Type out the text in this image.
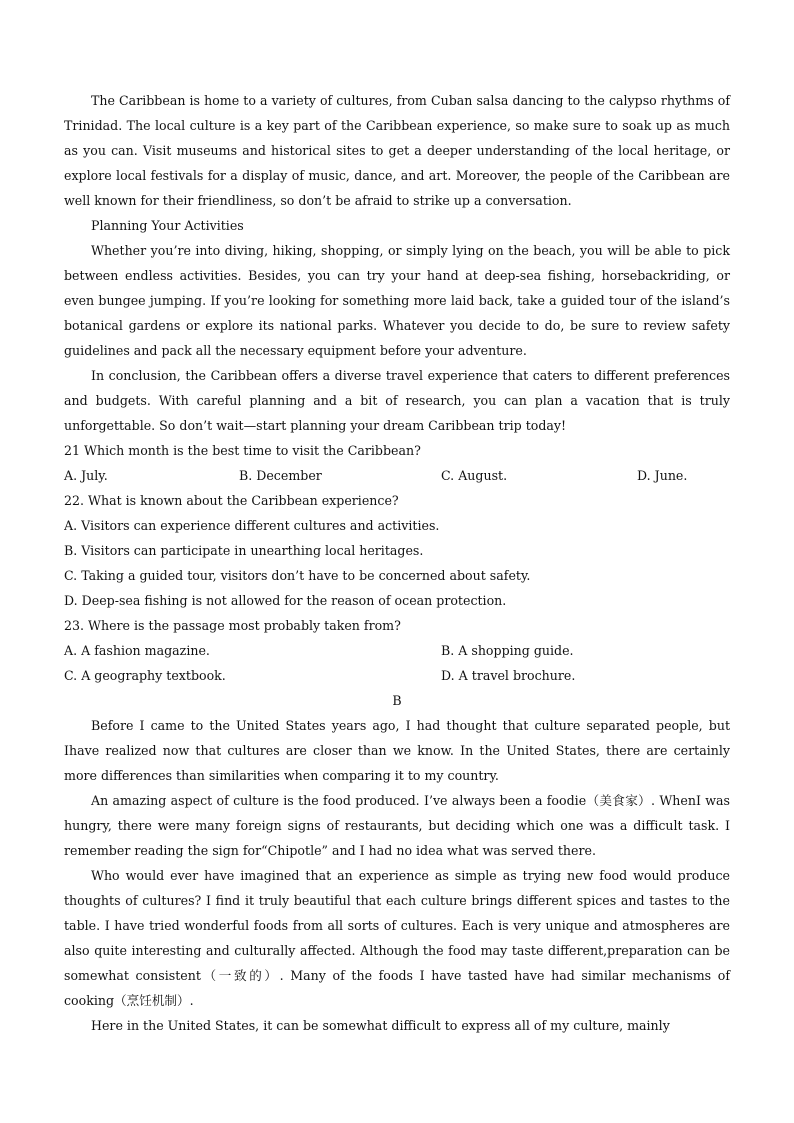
The Caribbean is home to a variety of cultures, from Cuban salsa dancing to the calypso rhythms of Trinidad. The local culture is a key part of the Caribbean experience, so make sure to soak up as much as you can. Visit museums and historical sites to get a deeper understanding of the local heritage, or explore local festivals for a display of music, dance, and art. Moreover, the people of the Caribbean are well known for their friendliness, so don’t be afraid to strike up a conversation.
Planning Your Activities
Whether you’re into diving, hiking, shopping, or simply lying on the beach, you will be able to pick between endless activities. Besides, you can try your hand at deep-sea fishing, horsebackriding, or even bungee jumping. If you’re looking for something more laid back, take a guided tour of the island’s botanical gardens or explore its national parks. Whatever you decide to do, be sure to review safety guidelines and pack all the necessary equipment before your adventure.
In conclusion, the Caribbean offers a diverse travel experience that caters to different preferences and budgets. With careful planning and a bit of research, you can plan a vacation that is truly unforgettable. So don’t wait—start planning your dream Caribbean trip today!
21 Which month is the best time to visit the Caribbean?
A. July.	B. December	C. August.	D. June.
22. What is known about the Caribbean experience?
A. Visitors can experience different cultures and activities.
B. Visitors can participate in unearthing local heritages.
C. Taking a guided tour, visitors don’t have to be concerned about safety.
D. Deep-sea fishing is not allowed for the reason of ocean protection.
23. Where is the passage most probably taken from?
A. A fashion magazine.	B. A shopping guide.
C. A geography textbook.	D. A travel brochure.
B
Before I came to the United States years ago, I had thought that culture separated people, but Ihave realized now that cultures are closer than we know. In the United States, there are certainly more differences than similarities when comparing it to my country.
An amazing aspect of culture is the food produced. I’ve always been a foodie（美食家）. WhenI was hungry, there were many foreign signs of restaurants, but deciding which one was a difficult task. I remember reading the sign for“Chipotle” and I had no idea what was served there.
Who would ever have imagined that an experience as simple as trying new food would produce thoughts of cultures? I find it truly beautiful that each culture brings different spices and tastes to the table. I have tried wonderful foods from all sorts of cultures. Each is very unique and atmospheres are also quite interesting and culturally affected. Although the food may taste different,preparation can be somewhat consistent（一致的）. Many of the foods I have tasted have had similar mechanisms of cooking（烹饪机制）.
Here in the United States, it can be somewhat difficult to express all of my culture, mainly
